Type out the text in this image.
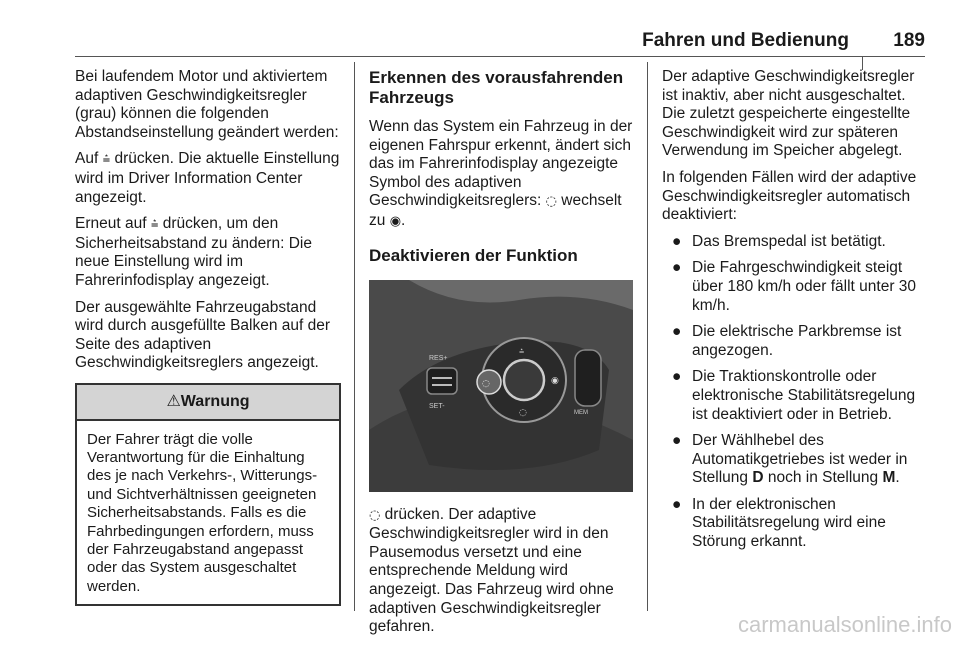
Fahren und Bedienung 189

Bei laufendem Motor und aktiviertem adaptiven Geschwindigkeitsregler (grau) können die folgenden Abstandseinstellung geändert werden:

Auf ⩮ drücken. Die aktuelle Einstellung wird im Driver Information Center angezeigt.

Erneut auf ⩮ drücken, um den Sicherheitsabstand zu ändern: Die neue Einstellung wird im Fahrerinfodisplay angezeigt.

Der ausgewählte Fahrzeugabstand wird durch ausgefüllte Balken auf der Seite des adaptiven Geschwindigkeitsreglers angezeigt.

⚠Warnung
Der Fahrer trägt die volle Verantwortung für die Einhaltung des je nach Verkehrs-, Witterungs- und Sichtverhältnissen geeigneten Sicherheitsabstands. Falls es die Fahrbedingungen erfordern, muss der Fahrzeugabstand angepasst oder das System ausgeschaltet werden.
Erkennen des vorausfahrenden Fahrzeugs

Wenn das System ein Fahrzeug in der eigenen Fahrspur erkennt, ändert sich das im Fahrerinfodisplay angezeigte Symbol des adaptiven Geschwindigkeitsreglers: ◌ wechselt zu ◉.

Deaktivieren der Funktion
RES+
SET-
◌
⩮
◉
◌	MEM

◌ drücken. Der adaptive Geschwindigkeitsregler wird in den Pausemodus versetzt und eine entsprechende Meldung wird angezeigt. Das Fahrzeug wird ohne adaptiven Geschwindigkeitsregler gefahren.

Der adaptive Geschwindigkeitsregler ist inaktiv, aber nicht ausgeschaltet. Die zuletzt gespeicherte eingestellte Geschwindigkeit wird zur späteren Verwendung im Speicher abgelegt.

In folgenden Fällen wird der adaptive Geschwindigkeitsregler automatisch deaktiviert:

● Das Bremspedal ist betätigt.
● Die Fahrgeschwindigkeit steigt über 180 km/h oder fällt unter 30 km/h.
● Die elektrische Parkbremse ist angezogen.
● Die Traktionskontrolle oder elektronische Stabilitätsregelung ist deaktiviert oder in Betrieb.
● Der Wählhebel des Automatikgetriebes ist weder in Stellung D noch in Stellung M.
● In der elektronischen Stabilitätsregelung wird eine Störung erkannt.
carmanualsonline.info
